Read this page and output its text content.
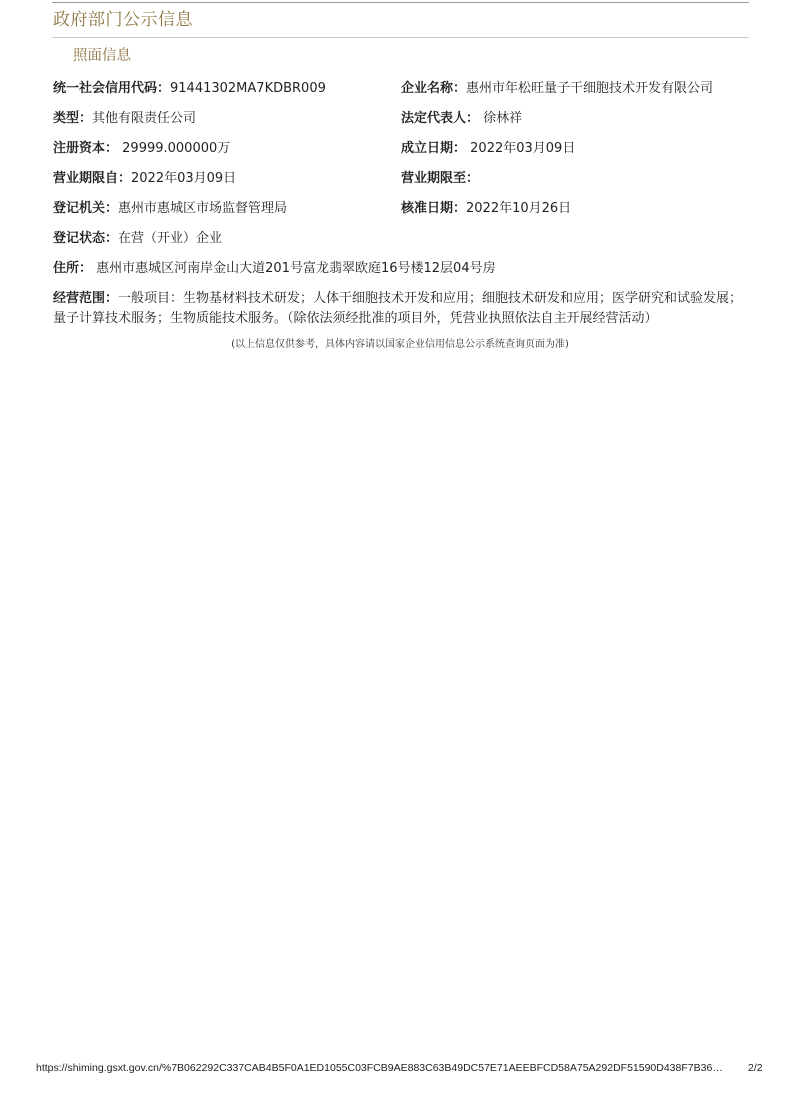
政府部门公示信息
照面信息
统一社会信用代码：91441302MA7KDBR009	企业名称：惠州市年松旺量子干细胞技术开发有限公司
类型：其他有限责任公司	法定代表人： 徐林祥
注册资本： 29999.000000万	成立日期： 2022年03月09日
营业期限自：2022年03月09日	营业期限至：
登记机关：惠州市惠城区市场监督管理局	核准日期：2022年10月26日
登记状态：在营（开业）企业
住所： 惠州市惠城区河南岸金山大道201号富龙翡翠欧庭16号楼12层04号房
经营范围：一般项目：生物基材料技术研发；人体干细胞技术开发和应用；细胞技术研发和应用；医学研究和试验发展；量子计算技术服务；生物质能技术服务。（除依法须经批准的项目外，凭营业执照依法自主开展经营活动）
(以上信息仅供参考，具体内容请以国家企业信用信息公示系统查询页面为准)
https://shiming.gsxt.gov.cn/%7B062292C337CAB4B5F0A1ED1055C03FCB9AE883C63B49DC57E71AEEBFCD58A75A292DF51590D438F7B36…	2/2
